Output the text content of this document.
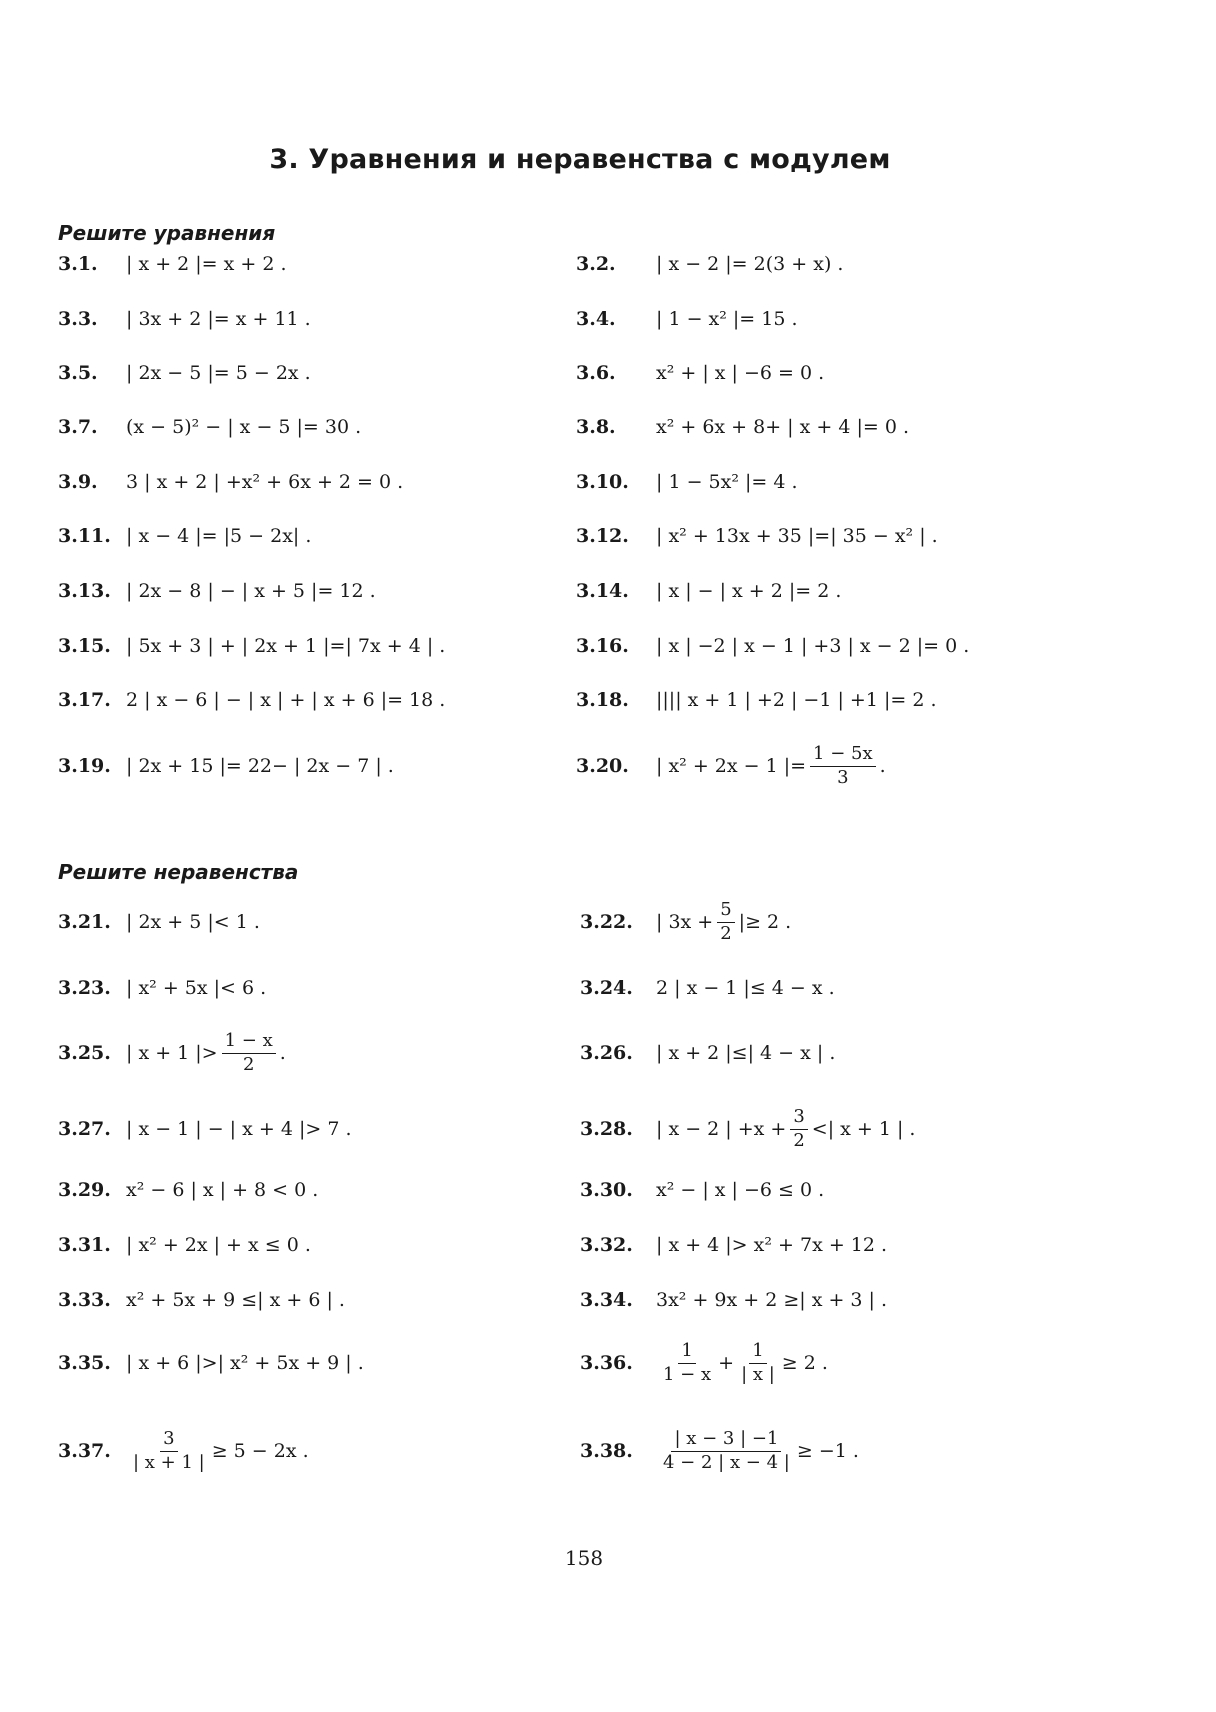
3. Уравнения и неравенства с модулем
Решите уравнения
Решите неравенства
3.1.	| x + 2 |= x + 2 .	3.2.	| x − 2 |= 2(3 + x) .
3.3.	| 3x + 2 |= x + 11 .	3.4.	| 1 − x² |= 15 .
3.5.	| 2x − 5 |= 5 − 2x .	3.6.	x² + | x | −6 = 0 .
3.7.	(x − 5)² − | x − 5 |= 30 .	3.8.	x² + 6x + 8+ | x + 4 |= 0 .
3.9.	3 | x + 2 | +x² + 6x + 2 = 0 .	3.10.	| 1 − 5x² |= 4 .
3.11. | x − 4 |= |5 − 2x| .	3.12.	| x² + 13x + 35 |=| 35 − x² | .
3.13. | 2x − 8 | − | x + 5 |= 12 .	3.14.	| x | − | x + 2 |= 2 .
3.15. | 5x + 3 | + | 2x + 1 |=| 7x + 4 | .	3.16.	| x | −2 | x − 1 | +3 | x − 2 |= 0 .
3.17. 2 | x − 6 | − | x | + | x + 6 |= 18 .	3.18.	|||| x + 1 | +2 | −1 | +1 |= 2 .
3.19. | 2x + 15 |= 22− | 2x − 7 | .	3.20.	| x² + 2x − 1 |= $\frac{1 - 5x}{3}$ .
3.21. | 2x + 5 |< 1 .	3.22.	| $3x + \frac{5}{2}$ |≥ 2 .
3.23. | x² + 5x |< 6 .	3.24.	2 | x − 1 |≤ 4 − x .
3.25. | x + 1 |> $\frac{1 - x}{2}$ .	3.26.	| x + 2 |≤| 4 − x | .
3.27. | x − 1 | − | x + 4 |> 7 .	3.28.	| x − 2 | $+x + \frac{3}{2}$ <| x + 1 | .
3.29. x² − 6 | x | + 8 < 0 .	3.30.	x² − | x | −6 ≤ 0 .
3.31. | x² + 2x | + x ≤ 0 .	3.32.	| x + 4 |> x² + 7x + 12 .
3.33. x² + 5x + 9 ≤| x + 6 | .	3.34.	3x² + 9x + 2 ≥| x + 3 | .
3.35. | x + 6 |>| x² + 5x + 9 | .	3.36.	$\frac{1}{1 - x} + \frac{1}{| x |} \ge 2$ .
3.37.	$\frac{3}{| x + 1 |} \ge 5 - 2x$ .	3.38.	$\frac{| x - 3 | -1}{4 - 2 | x - 4 |} \ge -1$ .
158
